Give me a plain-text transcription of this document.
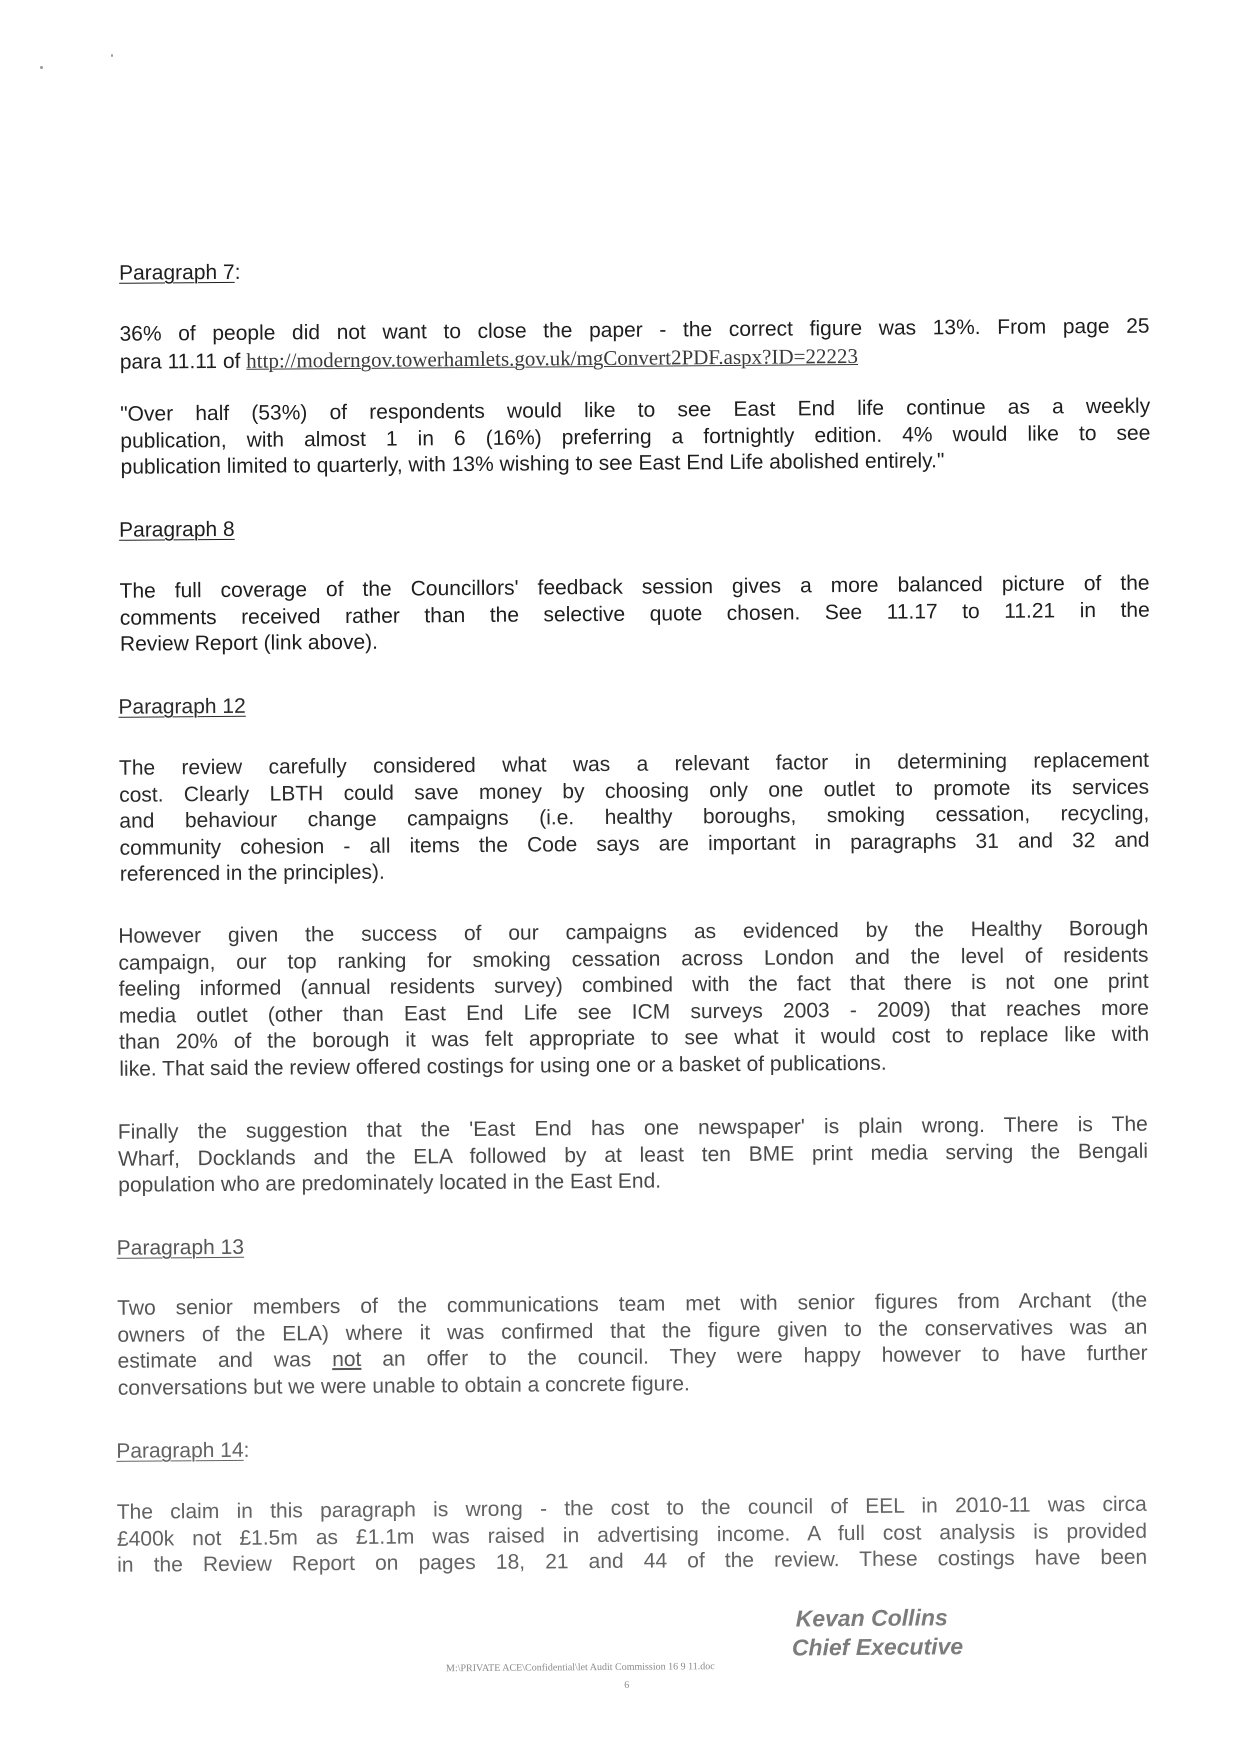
Paragraph 7:
36% of people did not want to close the paper - the correct figure was 13%. From page 25
para 11.11 of http://moderngov.towerhamlets.gov.uk/mgConvert2PDF.aspx?ID=22223
"Over half (53%) of respondents would like to see East End life continue as a weekly
publication, with almost 1 in 6 (16%) preferring a fortnightly edition. 4% would like to see
publication limited to quarterly, with 13% wishing to see East End Life abolished entirely."
Paragraph 8
The full coverage of the Councillors' feedback session gives a more balanced picture of the
comments received rather than the selective quote chosen. See 11.17 to 11.21 in the
Review Report (link above).
Paragraph 12
The review carefully considered what was a relevant factor in determining replacement
cost. Clearly LBTH could save money by choosing only one outlet to promote its services
and behaviour change campaigns (i.e. healthy boroughs, smoking cessation, recycling,
community cohesion - all items the Code says are important in paragraphs 31 and 32 and
referenced in the principles).
However given the success of our campaigns as evidenced by the Healthy Borough
campaign, our top ranking for smoking cessation across London and the level of residents
feeling informed (annual residents survey) combined with the fact that there is not one print
media outlet (other than East End Life see ICM surveys 2003 - 2009) that reaches more
than 20% of the borough it was felt appropriate to see what it would cost to replace like with
like. That said the review offered costings for using one or a basket of publications.
Finally the suggestion that the 'East End has one newspaper' is plain wrong. There is The
Wharf, Docklands and the ELA followed by at least ten BME print media serving the Bengali
population who are predominately located in the East End.
Paragraph 13
Two senior members of the communications team met with senior figures from Archant (the
owners of the ELA) where it was confirmed that the figure given to the conservatives was an
estimate and was not an offer to the council. They were happy however to have further
conversations but we were unable to obtain a concrete figure.
Paragraph 14:
The claim in this paragraph is wrong - the cost to the council of EEL in 2010-11 was circa
£400k not £1.5m as £1.1m was raised in advertising income. A full cost analysis is provided
in the Review Report on pages 18, 21 and 44 of the review. These costings have been
Kevan Collins
Chief Executive
M:\PRIVATE ACE\Confidential\let Audit Commission 16 9 11.doc
6
